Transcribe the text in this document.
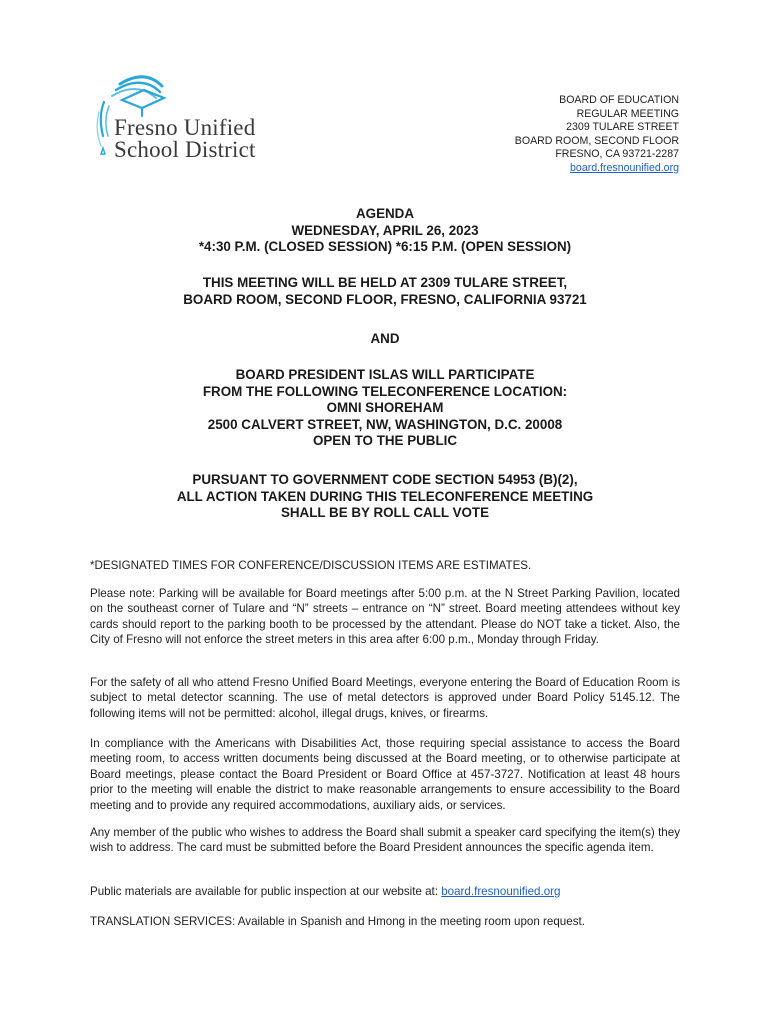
Fresno Unified
School District
BOARD OF EDUCATION
REGULAR MEETING
2309 TULARE STREET
BOARD ROOM, SECOND FLOOR
FRESNO, CA 93721-2287
board.fresnounified.org
AGENDA
WEDNESDAY, APRIL 26, 2023
*4:30 P.M. (CLOSED SESSION) *6:15 P.M. (OPEN SESSION)
THIS MEETING WILL BE HELD AT 2309 TULARE STREET,
BOARD ROOM, SECOND FLOOR, FRESNO, CALIFORNIA 93721
AND
BOARD PRESIDENT ISLAS WILL PARTICIPATE
FROM THE FOLLOWING TELECONFERENCE LOCATION:
OMNI SHOREHAM
2500 CALVERT STREET, NW, WASHINGTON, D.C. 20008
OPEN TO THE PUBLIC
PURSUANT TO GOVERNMENT CODE SECTION 54953 (B)(2),
ALL ACTION TAKEN DURING THIS TELECONFERENCE MEETING
SHALL BE BY ROLL CALL VOTE

*DESIGNATED TIMES FOR CONFERENCE/DISCUSSION ITEMS ARE ESTIMATES.

Please note: Parking will be available for Board meetings after 5:00 p.m. at the N Street Parking Pavilion, located on the southeast corner of Tulare and “N” streets – entrance on “N” street. Board meeting attendees without key cards should report to the parking booth to be processed by the attendant. Please do NOT take a ticket. Also, the City of Fresno will not enforce the street meters in this area after 6:00 p.m., Monday through Friday.

For the safety of all who attend Fresno Unified Board Meetings, everyone entering the Board of Education Room is subject to metal detector scanning. The use of metal detectors is approved under Board Policy 5145.12. The following items will not be permitted: alcohol, illegal drugs, knives, or firearms.

In compliance with the Americans with Disabilities Act, those requiring special assistance to access the Board meeting room, to access written documents being discussed at the Board meeting, or to otherwise participate at Board meetings, please contact the Board President or Board Office at 457-3727. Notification at least 48 hours prior to the meeting will enable the district to make reasonable arrangements to ensure accessibility to the Board meeting and to provide any required accommodations, auxiliary aids, or services.

Any member of the public who wishes to address the Board shall submit a speaker card specifying the item(s) they wish to address. The card must be submitted before the Board President announces the specific agenda item.

Public materials are available for public inspection at our website at: board.fresnounified.org

TRANSLATION SERVICES: Available in Spanish and Hmong in the meeting room upon request.
